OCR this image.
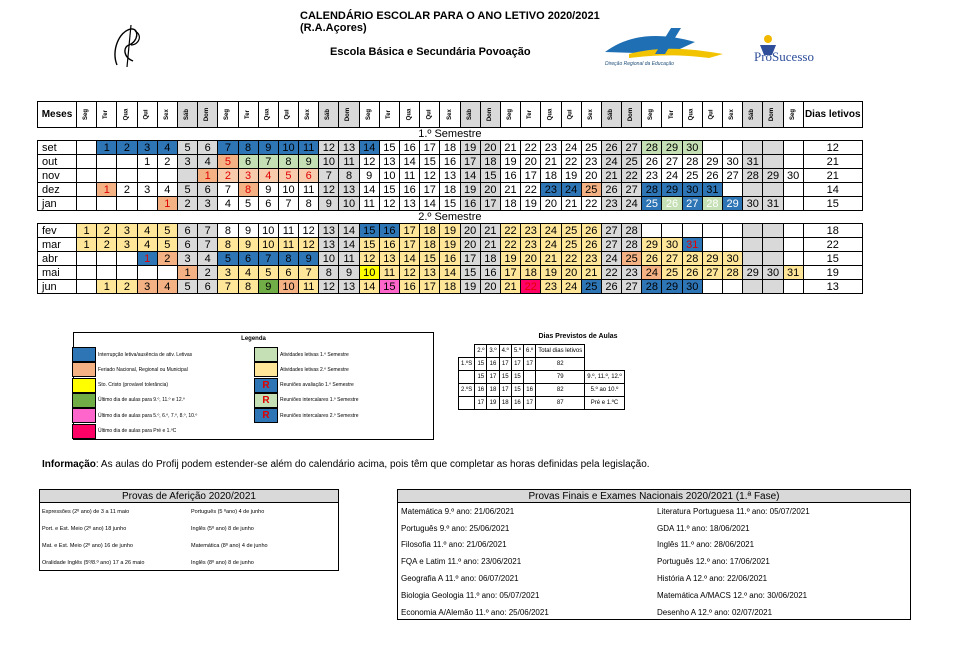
CALENDÁRIO ESCOLAR PARA O ANO LETIVO 2020/2021 (R.A.Açores)
Escola Básica e Secundária Povoação
Direção Regional da Educação	ProSucesso
Meses	Seg	Ter	Qua	Qui	Sex	Sáb	Dom	Seg	Ter	Qua	Qui	Sex	Sáb	Dom	Seg	Ter	Qua	Qui	Sex	Sáb	Dom	Seg	Ter	Qua	Qui	Sex	Sáb	Dom	Seg	Ter	Qua	Qui	Sex	Sáb	Dom	Seg	Dias letivos
1.º Semestre																																					
set		1	2	3	4	5	6	7	8	9	10	11	12	13	14	15	16	17	18	19	20	21	22	23	24	25	26	27	28	29	30						12
out				1	2	3	4	5	6	7	8	9	10	11	12	13	14	15	16	17	18	19	20	21	22	23	24	25	26	27	28	29	30	31			21
nov							1	2	3	4	5	6	7	8	9	10	11	12	13	14	15	16	17	18	19	20	21	22	23	24	25	26	27	28	29	30	21
dez		1	2	3	4	5	6	7	8	9	10	11	12	13	14	15	16	17	18	19	20	21	22	23	24	25	26	27	28	29	30	31					14
jan					1	2	3	4	5	6	7	8	9	10	11	12	13	14	15	16	17	18	19	20	21	22	23	24	25	26	27	28	29	30	31		15
2.º Semestre																																					
fev	1	2	3	4	5	6	7	8	9	10	11	12	13	14	15	16	17	18	19	20	21	22	23	24	25	26	27	28									18
mar	1	2	3	4	5	6	7	8	9	10	11	12	13	14	15	16	17	18	19	20	21	22	23	24	25	26	27	28	29	30	31						22
abr				1	2	3	4	5	6	7	8	9	10	11	12	13	14	15	16	17	18	19	20	21	22	23	24	25	26	27	28	29	30				15
mai						1	2	3	4	5	6	7	8	9	10	11	12	13	14	15	16	17	18	19	20	21	22	23	24	25	26	27	28	29	30	31	19
jun		1	2	3	4	5	6	7	8	9	10	11	12	13	14	15	16	17	18	19	20	21	22	23	24	25	26	27	28	29	30						13
Legenda
Interrupção letiva/ausência de ativ. Letivas
Feriado Nacional, Regional ou Municipal
Sto. Cristo (provável tolerância)
Último dia de aulas para 9.º, 11.º e 12.º
Último dia de aulas para 5.º, 6.º, 7.º, 8.º, 10.º
Último dia de aulas para Pré e 1.ºC
Atividades letivas 1.º Semestre
Atividades letivas 2.º Semestre
R	Reuniões avaliação 1.º Semestre
R	Reuniões intercalares 1.º Semestre
R	Reuniões intercalares 2.º Semestre
Dias Previstos de Aulas
	2.º	3.º	4.º	5.º	6.º	Total dias letivos	
1.ºS	15	16	17	17	17	82	
	15	17	15	15		79	9.º, 11.º, 12.º
2.ºS	16	18	17	15	16	82	5.º ao 10.º
	17	19	18	16	17	87	Pré e 1.ºC
Informação: As aulas do Profij podem estender-se além do calendário acima, pois têm que completar as horas definidas pela legislação.
Provas de Aferição 2020/2021
Expressões (2º ano) de 3 a 11 maio	Português (5 ºano) 4 de junho
Port. e Est. Meio (2º ano) 18 junho	Inglês (5º ano) 8 de junho
Mat. e Est. Meio (2º ano) 16 de junho	Matemática (8º ano) 4 de junho
Oralidade Inglês (5º/8.º ano) 17 a 26 maio	Inglês (8º ano) 8 de junho
Provas Finais e Exames Nacionais 2020/2021 (1.ª Fase)
Matemática 9.º ano: 21/06/2021	Literatura Portuguesa 11.º ano: 05/07/2021
Português 9.º ano: 25/06/2021	GDA 11.º ano: 18/06/2021
Filosofia 11.º ano: 21/06/2021	Inglês 11.º ano: 28/06/2021
FQA e Latim 11.º ano: 23/06/2021	Português 12.º ano: 17/06/2021
Geografia A 11.º ano: 06/07/2021	História A 12.º ano: 22/06/2021
Biologia Geologia 11.º ano: 05/07/2021	Matemática A/MACS 12.º ano: 30/06/2021
Economia A/Alemão 11.º ano: 25/06/2021	Desenho A 12.º ano: 02/07/2021
